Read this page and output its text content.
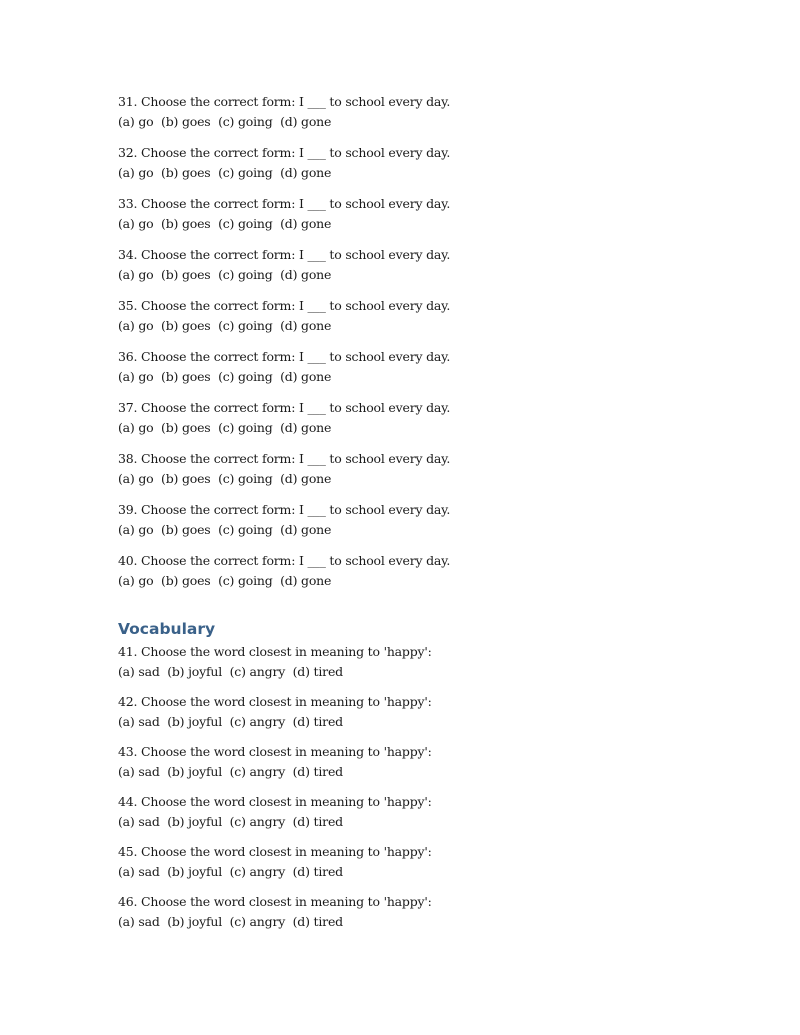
31. Choose the correct form: I ___ to school every day.
(a) go  (b) goes  (c) going  (d) gone
32. Choose the correct form: I ___ to school every day.
(a) go  (b) goes  (c) going  (d) gone
33. Choose the correct form: I ___ to school every day.
(a) go  (b) goes  (c) going  (d) gone
34. Choose the correct form: I ___ to school every day.
(a) go  (b) goes  (c) going  (d) gone
35. Choose the correct form: I ___ to school every day.
(a) go  (b) goes  (c) going  (d) gone
36. Choose the correct form: I ___ to school every day.
(a) go  (b) goes  (c) going  (d) gone
37. Choose the correct form: I ___ to school every day.
(a) go  (b) goes  (c) going  (d) gone
38. Choose the correct form: I ___ to school every day.
(a) go  (b) goes  (c) going  (d) gone
39. Choose the correct form: I ___ to school every day.
(a) go  (b) goes  (c) going  (d) gone
40. Choose the correct form: I ___ to school every day.
(a) go  (b) goes  (c) going  (d) gone
Vocabulary
41. Choose the word closest in meaning to 'happy':
(a) sad  (b) joyful  (c) angry  (d) tired
42. Choose the word closest in meaning to 'happy':
(a) sad  (b) joyful  (c) angry  (d) tired
43. Choose the word closest in meaning to 'happy':
(a) sad  (b) joyful  (c) angry  (d) tired
44. Choose the word closest in meaning to 'happy':
(a) sad  (b) joyful  (c) angry  (d) tired
45. Choose the word closest in meaning to 'happy':
(a) sad  (b) joyful  (c) angry  (d) tired
46. Choose the word closest in meaning to 'happy':
(a) sad  (b) joyful  (c) angry  (d) tired
